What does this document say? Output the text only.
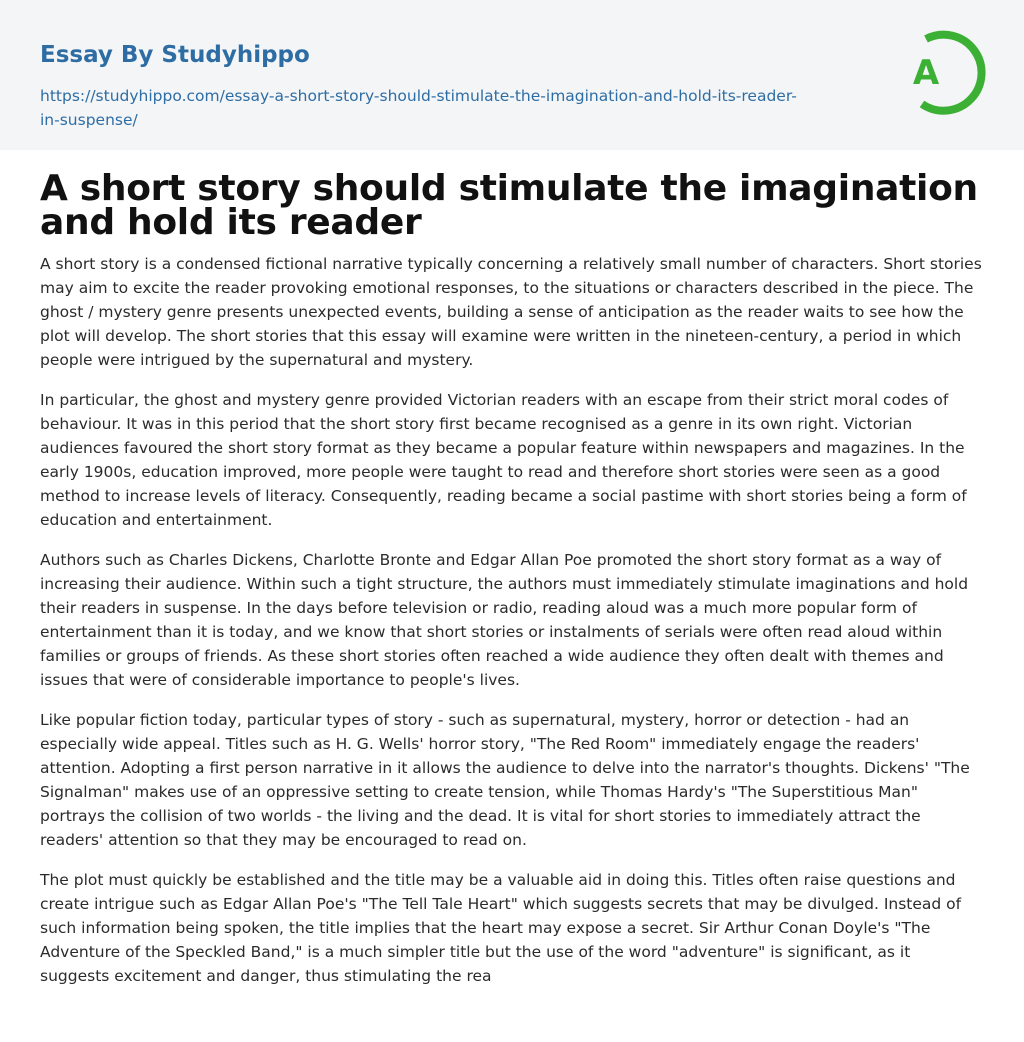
Essay By Studyhippo
https://studyhippo.com/essay-a-short-story-should-stimulate-the-imagination-and-hold-its-reader-in-suspense/
A
A short story should stimulate the imagination and hold its reader

A short story is a condensed fictional narrative typically concerning a relatively small number of characters. Short stories may aim to excite the reader provoking emotional responses, to the situations or characters described in the piece. The ghost / mystery genre presents unexpected events, building a sense of anticipation as the reader waits to see how the plot will develop. The short stories that this essay will examine were written in the nineteen-century, a period in which people were intrigued by the supernatural and mystery.

In particular, the ghost and mystery genre provided Victorian readers with an escape from their strict moral codes of behaviour. It was in this period that the short story first became recognised as a genre in its own right. Victorian audiences favoured the short story format as they became a popular feature within newspapers and magazines. In the early 1900s, education improved, more people were taught to read and therefore short stories were seen as a good method to increase levels of literacy. Consequently, reading became a social pastime with short stories being a form of education and entertainment.

Authors such as Charles Dickens, Charlotte Bronte and Edgar Allan Poe promoted the short story format as a way of increasing their audience. Within such a tight structure, the authors must immediately stimulate imaginations and hold their readers in suspense. In the days before television or radio, reading aloud was a much more popular form of entertainment than it is today, and we know that short stories or instalments of serials were often read aloud within families or groups of friends. As these short stories often reached a wide audience they often dealt with themes and issues that were of considerable importance to people's lives.

Like popular fiction today, particular types of story - such as supernatural, mystery, horror or detection - had an especially wide appeal. Titles such as H. G. Wells' horror story, "The Red Room" immediately engage the readers' attention. Adopting a first person narrative in it allows the audience to delve into the narrator's thoughts. Dickens' "The Signalman" makes use of an oppressive setting to create tension, while Thomas Hardy's "The Superstitious Man" portrays the collision of two worlds - the living and the dead. It is vital for short stories to immediately attract the readers' attention so that they may be encouraged to read on.

The plot must quickly be established and the title may be a valuable aid in doing this. Titles often raise questions and create intrigue such as Edgar Allan Poe's "The Tell Tale Heart" which suggests secrets that may be divulged. Instead of such information being spoken, the title implies that the heart may expose a secret. Sir Arthur Conan Doyle's "The Adventure of the Speckled Band," is a much simpler title but the use of the word "adventure" is significant, as it suggests excitement and danger, thus stimulating the rea
